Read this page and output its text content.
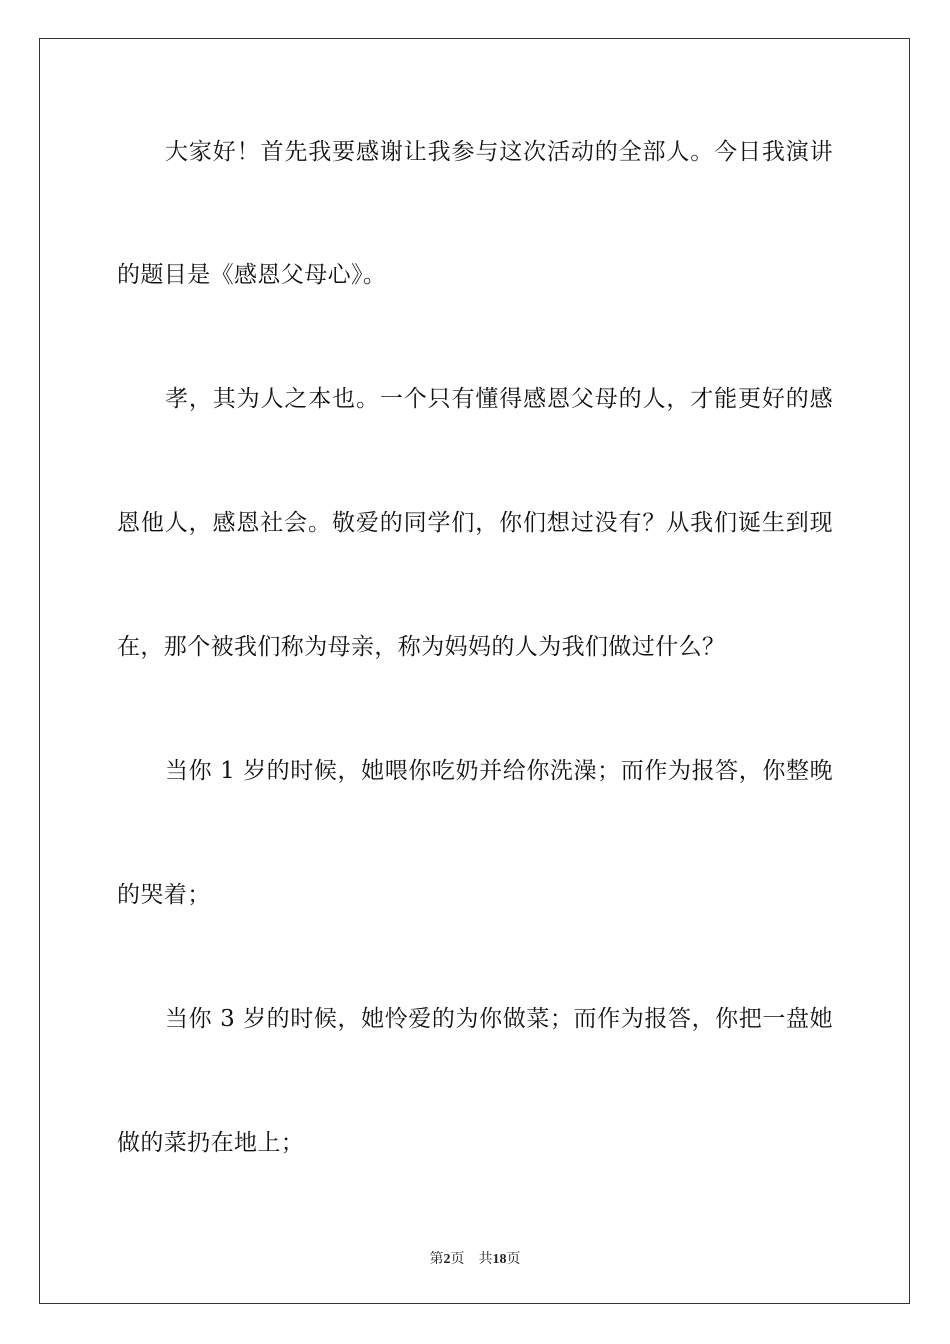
大家好！首先我要感谢让我参与这次活动的全部人。今日我演讲
的题目是《感恩父母心》。
孝，其为人之本也。一个只有懂得感恩父母的人，才能更好的感
恩他人，感恩社会。敬爱的同学们，你们想过没有？从我们诞生到现
在，那个被我们称为母亲，称为妈妈的人为我们做过什么？
当你 1 岁的时候，她喂你吃奶并给你洗澡；而作为报答，你整晚
的哭着；
当你 3 岁的时候，她怜爱的为你做菜；而作为报答，你把一盘她
做的菜扔在地上；
第2页 共18页
